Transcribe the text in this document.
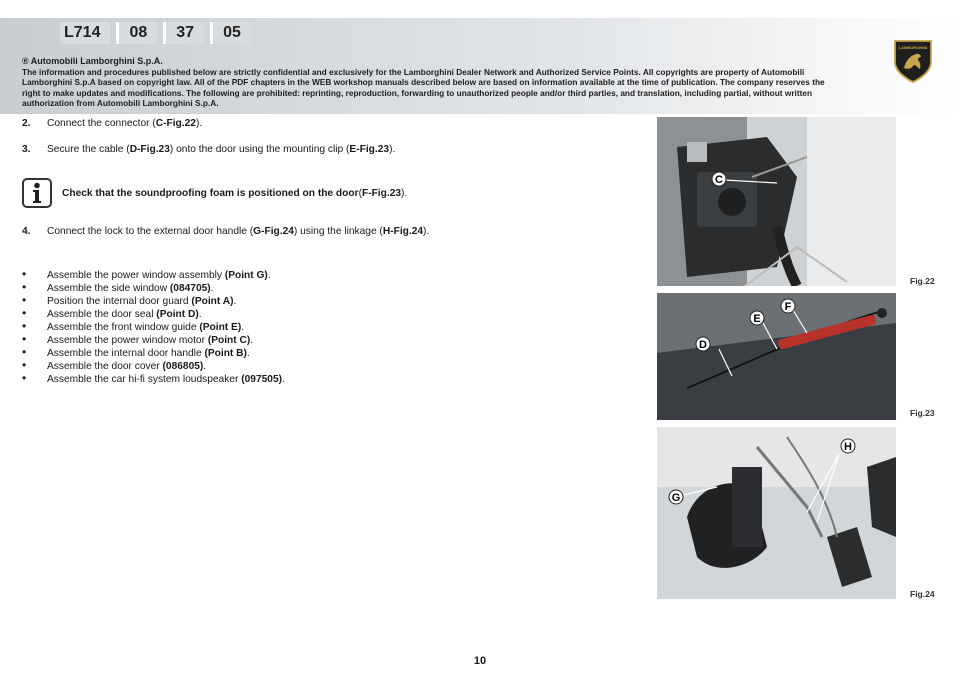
L714	08	37	05
® Automobili Lamborghini S.p.A.
The information and procedures published below are strictly confidential and exclusively for the Lamborghini Dealer Network and Authorized Service Points. All copyrights are property of Automobili Lamborghini S.p.A based on copyright law. All of the PDF chapters in the WEB workshop manuals described below are based on information available at the time of publication. The company reserves the right to make updates and modifications. The following are prohibited: reprinting, reproduction, forwarding to unauthorized people and/or third parties, and translation, including partial, without written authorization from Automobili Lamborghini S.p.A.
LAMBORGHINI
2. Connect the connector (C-Fig.22).
3. Secure the cable (D-Fig.23) onto the door using the mounting clip (E-Fig.23).
Check that the soundproofing foam is positioned on the door ( F-Fig.23 ).
4. Connect the lock to the external door handle (G-Fig.24) using the linkage (H-Fig.24).
• Assemble the power window assembly (Point G).
• Assemble the side window (084705).
• Position the internal door guard (Point A).
• Assemble the door seal (Point D).
• Assemble the front window guide (Point E).
• Assemble the power window motor (Point C).
• Assemble the internal door handle (Point B).
• Assemble the door cover (086805).
• Assemble the car hi-fi system loudspeaker (097505).
C
Fig.22
F
E
D
Fig.23
H
G
Fig.24
10
